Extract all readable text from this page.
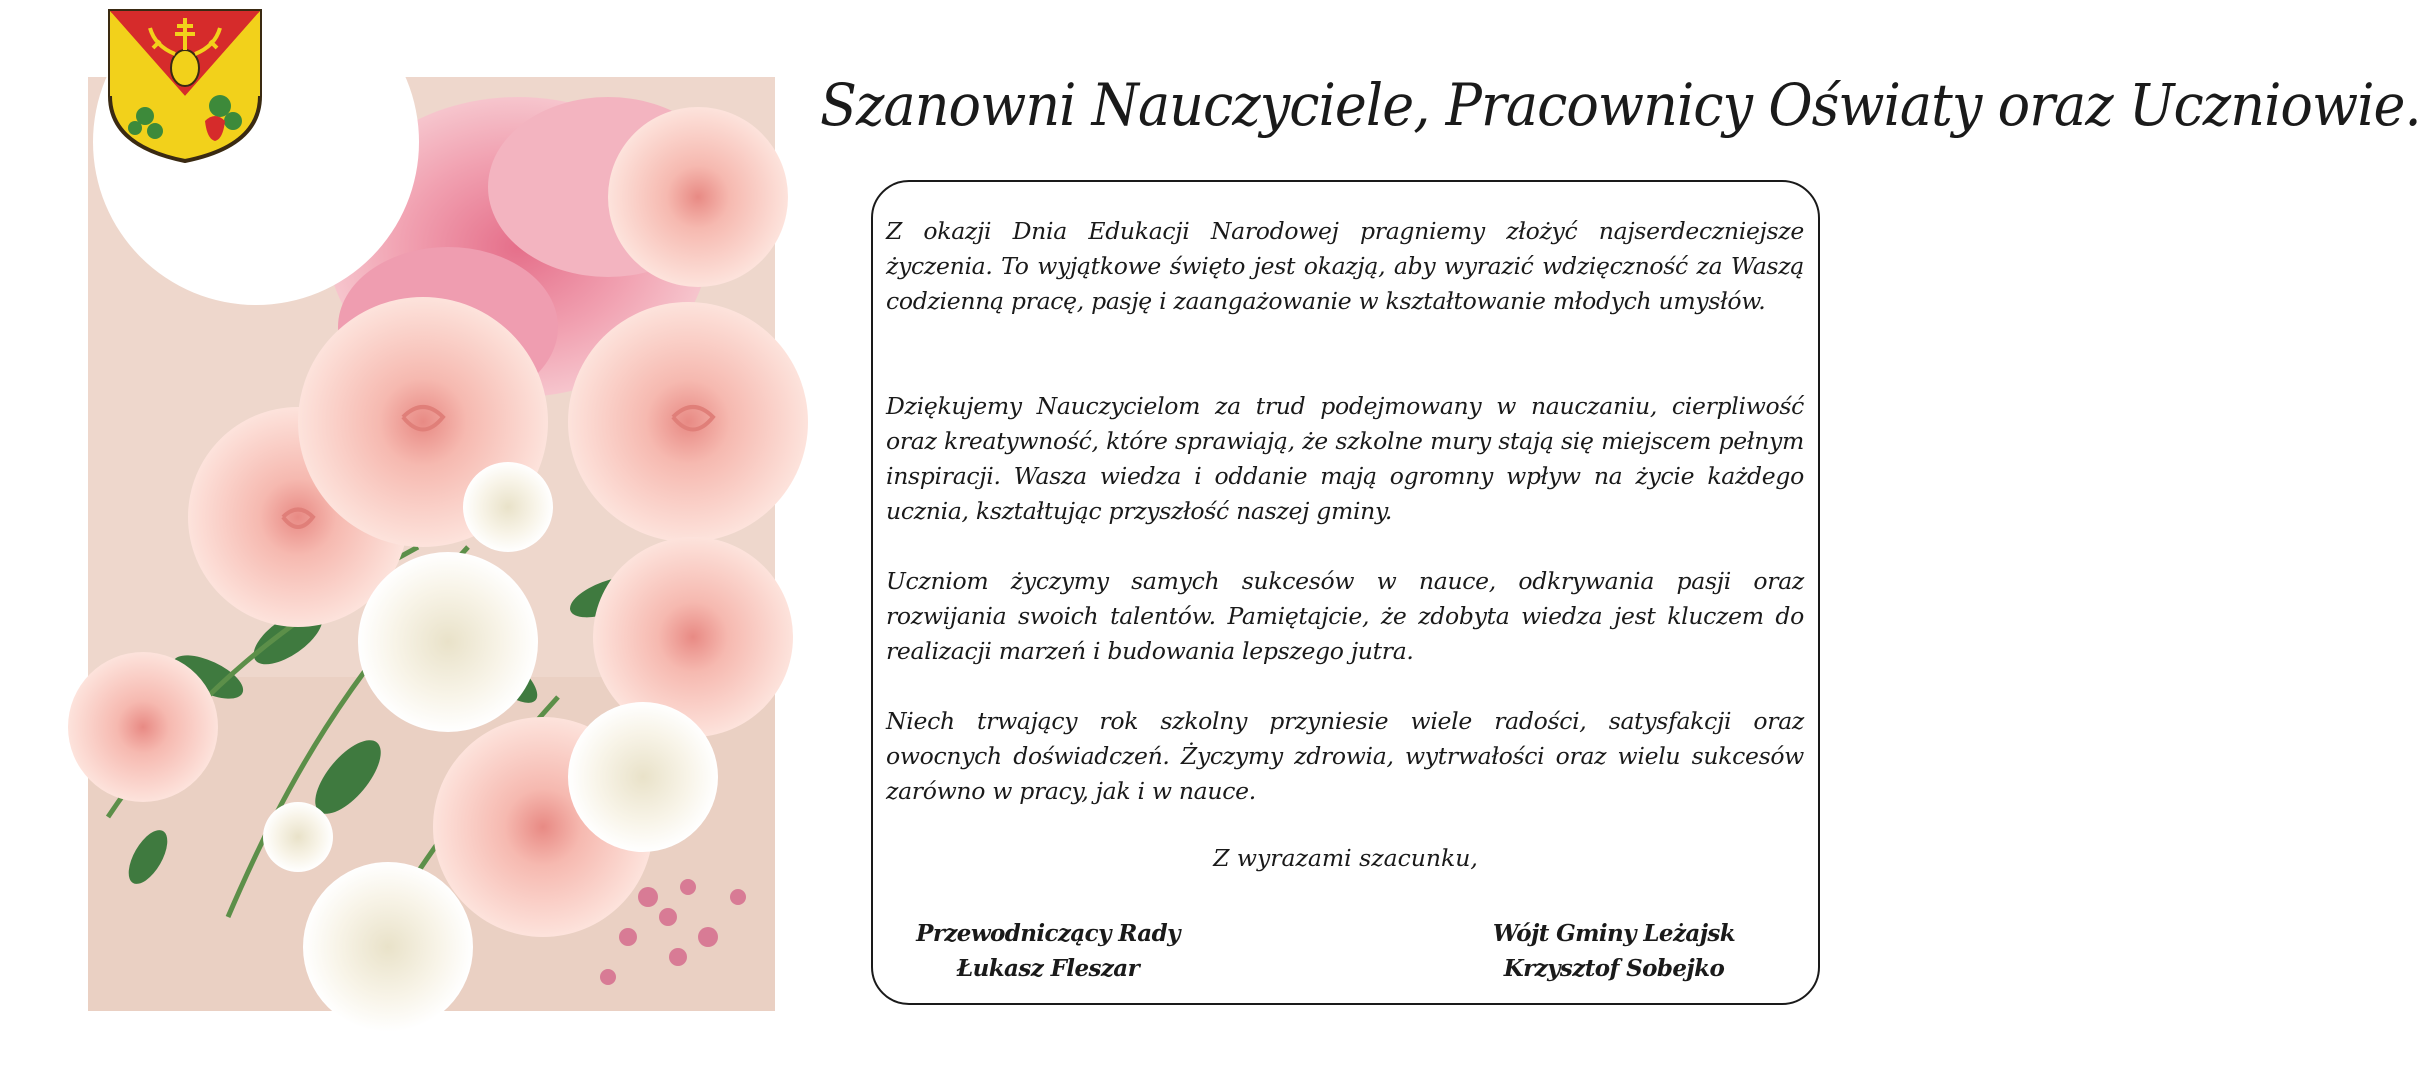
Szanowni Nauczyciele, Pracownicy Oświaty oraz Uczniowie.

Z okazji Dnia Edukacji Narodowej pragniemy złożyć najserdeczniejsze życzenia. To wyjątkowe święto jest okazją, aby wyrazić wdzięczność za Waszą codzienną pracę, pasję i zaangażowanie w kształtowanie młodych umysłów.

Dziękujemy Nauczycielom za trud podejmowany w nauczaniu, cierpliwość oraz kreatywność, które sprawiają, że szkolne mury stają się miejscem pełnym inspiracji. Wasza wiedza i oddanie mają ogromny wpływ na życie każdego ucznia, kształtując przyszłość naszej gminy.

Uczniom życzymy samych sukcesów w nauce, odkrywania pasji oraz rozwijania swoich talentów. Pamiętajcie, że zdobyta wiedza jest kluczem do realizacji marzeń i budowania lepszego jutra.

Niech trwający rok szkolny przyniesie wiele radości, satysfakcji oraz owocnych doświadczeń. Życzymy zdrowia, wytrwałości oraz wielu sukcesów zarówno w pracy, jak i w nauce.

Z wyrazami szacunku,
Przewodniczący Rady
Łukasz Fleszar
Wójt Gminy Leżajsk
Krzysztof Sobejko
